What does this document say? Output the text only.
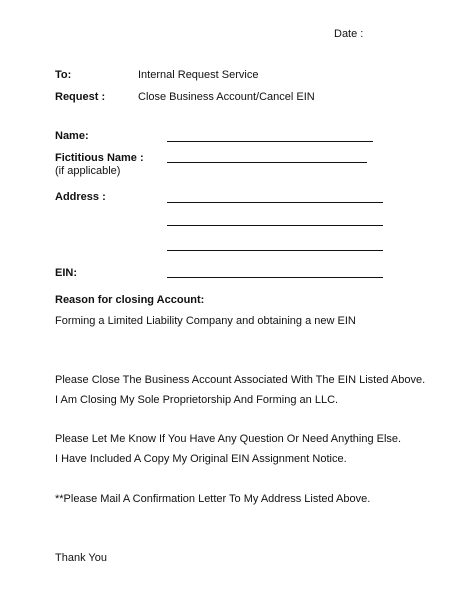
Date :
To:	Internal Request Service
Request :	Close Business Account/Cancel EIN
Name:
Fictitious Name :
(if applicable)
Address :
EIN:
Reason for closing Account:
Forming a Limited Liability Company and obtaining a new EIN
Please Close The Business Account Associated With The EIN Listed Above.
I Am Closing My Sole Proprietorship And Forming an LLC.
Please Let Me Know If You Have Any Question Or Need Anything Else.
I Have Included A Copy My Original EIN Assignment Notice.
**Please Mail A Confirmation Letter To My Address Listed Above.
Thank You
